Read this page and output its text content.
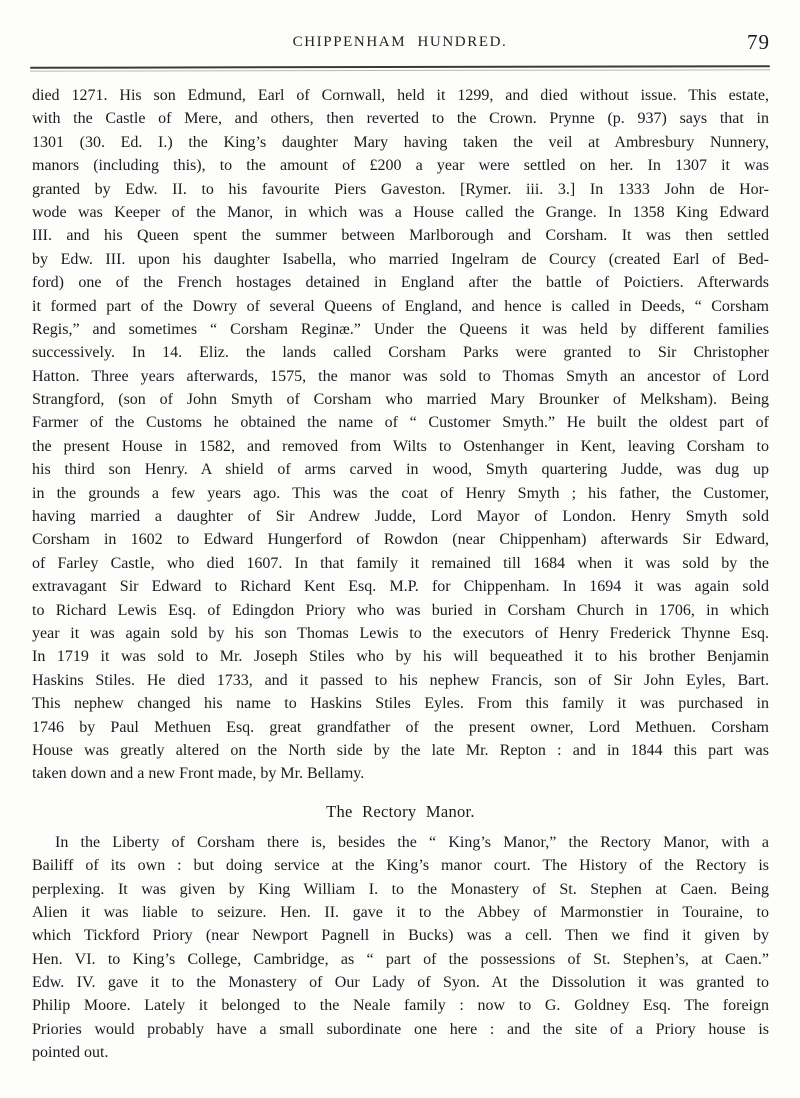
CHIPPENHAM HUNDRED.	79
died 1271. His son Edmund, Earl of Cornwall, held it 1299, and died without issue. This estate,
with the Castle of Mere, and others, then reverted to the Crown. Prynne (p. 937) says that in
1301 (30. Ed. I.) the King’s daughter Mary having taken the veil at Ambresbury Nunnery,
manors (including this), to the amount of £200 a year were settled on her. In 1307 it was
granted by Edw. II. to his favourite Piers Gaveston. [Rymer. iii. 3.] In 1333 John de Hor-
wode was Keeper of the Manor, in which was a House called the Grange. In 1358 King Edward
III. and his Queen spent the summer between Marlborough and Corsham. It was then settled
by Edw. III. upon his daughter Isabella, who married Ingelram de Courcy (created Earl of Bed-
ford) one of the French hostages detained in England after the battle of Poictiers. Afterwards
it formed part of the Dowry of several Queens of England, and hence is called in Deeds, “ Corsham
Regis,” and sometimes “ Corsham Reginæ.” Under the Queens it was held by different families
successively. In 14. Eliz. the lands called Corsham Parks were granted to Sir Christopher
Hatton. Three years afterwards, 1575, the manor was sold to Thomas Smyth an ancestor of Lord
Strangford, (son of John Smyth of Corsham who married Mary Brounker of Melksham). Being
Farmer of the Customs he obtained the name of “ Customer Smyth.” He built the oldest part of
the present House in 1582, and removed from Wilts to Ostenhanger in Kent, leaving Corsham to
his third son Henry. A shield of arms carved in wood, Smyth quartering Judde, was dug up
in the grounds a few years ago. This was the coat of Henry Smyth ; his father, the Customer,
having married a daughter of Sir Andrew Judde, Lord Mayor of London. Henry Smyth sold
Corsham in 1602 to Edward Hungerford of Rowdon (near Chippenham) afterwards Sir Edward,
of Farley Castle, who died 1607. In that family it remained till 1684 when it was sold by the
extravagant Sir Edward to Richard Kent Esq. M.P. for Chippenham. In 1694 it was again sold
to Richard Lewis Esq. of Edingdon Priory who was buried in Corsham Church in 1706, in which
year it was again sold by his son Thomas Lewis to the executors of Henry Frederick Thynne Esq.
In 1719 it was sold to Mr. Joseph Stiles who by his will bequeathed it to his brother Benjamin
Haskins Stiles. He died 1733, and it passed to his nephew Francis, son of Sir John Eyles, Bart.
This nephew changed his name to Haskins Stiles Eyles. From this family it was purchased in
1746 by Paul Methuen Esq. great grandfather of the present owner, Lord Methuen. Corsham
House was greatly altered on the North side by the late Mr. Repton : and in 1844 this part was
taken down and a new Front made, by Mr. Bellamy.
The Rectory Manor.
In the Liberty of Corsham there is, besides the “ King’s Manor,” the Rectory Manor, with a
Bailiff of its own : but doing service at the King’s manor court. The History of the Rectory is
perplexing. It was given by King William I. to the Monastery of St. Stephen at Caen. Being
Alien it was liable to seizure. Hen. II. gave it to the Abbey of Marmonstier in Touraine, to
which Tickford Priory (near Newport Pagnell in Bucks) was a cell. Then we find it given by
Hen. VI. to King’s College, Cambridge, as “ part of the possessions of St. Stephen’s, at Caen.”
Edw. IV. gave it to the Monastery of Our Lady of Syon. At the Dissolution it was granted to
Philip Moore. Lately it belonged to the Neale family : now to G. Goldney Esq. The foreign
Priories would probably have a small subordinate one here : and the site of a Priory house is
pointed out.
